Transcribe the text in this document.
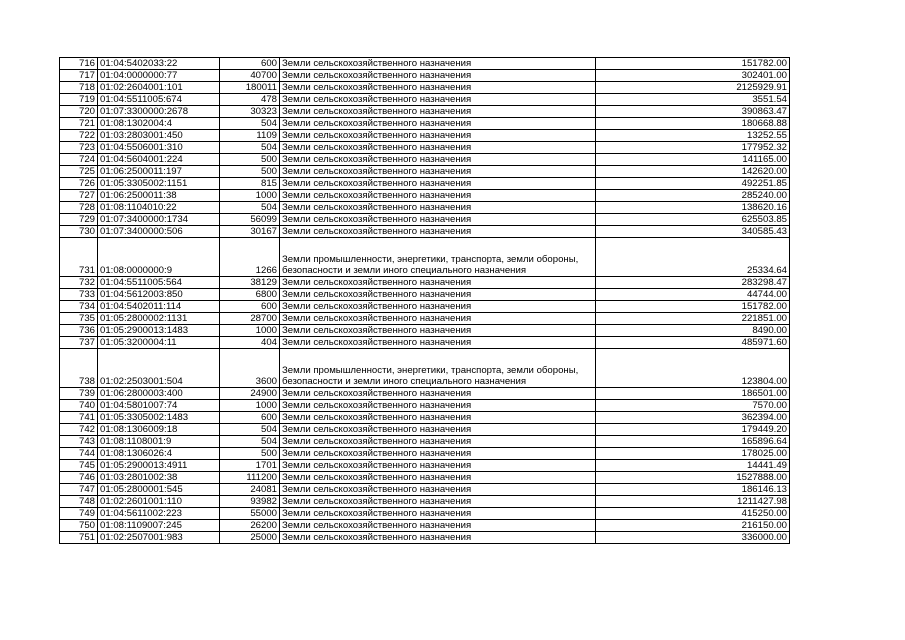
716	01:04:5402033:22	600	Земли сельскохозяйственного назначения	151782.00
717	01:04:0000000:77	40700	Земли сельскохозяйственного назначения	302401.00
718	01:02:2604001:101	180011	Земли сельскохозяйственного назначения	2125929.91
719	01:04:5511005:674	478	Земли сельскохозяйственного назначения	3551.54
720	01:07:3300000:2678	30323	Земли сельскохозяйственного назначения	390863.47
721	01:08:1302004:4	504	Земли сельскохозяйственного назначения	180668.88
722	01:03:2803001:450	1109	Земли сельскохозяйственного назначения	13252.55
723	01:04:5506001:310	504	Земли сельскохозяйственного назначения	177952.32
724	01:04:5604001:224	500	Земли сельскохозяйственного назначения	141165.00
725	01:06:2500011:197	500	Земли сельскохозяйственного назначения	142620.00
726	01:05:3305002:1151	815	Земли сельскохозяйственного назначения	492251.85
727	01:06:2500011:38	1000	Земли сельскохозяйственного назначения	285240.00
728	01:08:1104010:22	504	Земли сельскохозяйственного назначения	138620.16
729	01:07:3400000:1734	56099	Земли сельскохозяйственного назначения	625503.85
730	01:07:3400000:506	30167	Земли сельскохозяйственного назначения	340585.43
731	01:08:0000000:9	1266	Земли промышленности, энергетики, транспорта, земли обороны, безопасности и земли иного специального назначения	25334.64
732	01:04:5511005:564	38129	Земли сельскохозяйственного назначения	283298.47
733	01:04:5612003:850	6800	Земли сельскохозяйственного назначения	44744.00
734	01:04:5402011:114	600	Земли сельскохозяйственного назначения	151782.00
735	01:05:2800002:1131	28700	Земли сельскохозяйственного назначения	221851.00
736	01:05:2900013:1483	1000	Земли сельскохозяйственного назначения	8490.00
737	01:05:3200004:11	404	Земли сельскохозяйственного назначения	485971.60
738	01:02:2503001:504	3600	Земли промышленности, энергетики, транспорта, земли обороны, безопасности и земли иного специального назначения	123804.00
739	01:06:2800003:400	24900	Земли сельскохозяйственного назначения	186501.00
740	01:04:5801007:74	1000	Земли сельскохозяйственного назначения	7570.00
741	01:05:3305002:1483	600	Земли сельскохозяйственного назначения	362394.00
742	01:08:1306009:18	504	Земли сельскохозяйственного назначения	179449.20
743	01:08:1108001:9	504	Земли сельскохозяйственного назначения	165896.64
744	01:08:1306026:4	500	Земли сельскохозяйственного назначения	178025.00
745	01:05:2900013:4911	1701	Земли сельскохозяйственного назначения	14441.49
746	01:03:2801002:38	111200	Земли сельскохозяйственного назначения	1527888.00
747	01:05:2800001:545	24081	Земли сельскохозяйственного назначения	186146.13
748	01:02:2601001:110	93982	Земли сельскохозяйственного назначения	1211427.98
749	01:04:5611002:223	55000	Земли сельскохозяйственного назначения	415250.00
750	01:08:1109007:245	26200	Земли сельскохозяйственного назначения	216150.00
751	01:02:2507001:983	25000	Земли сельскохозяйственного назначения	336000.00
